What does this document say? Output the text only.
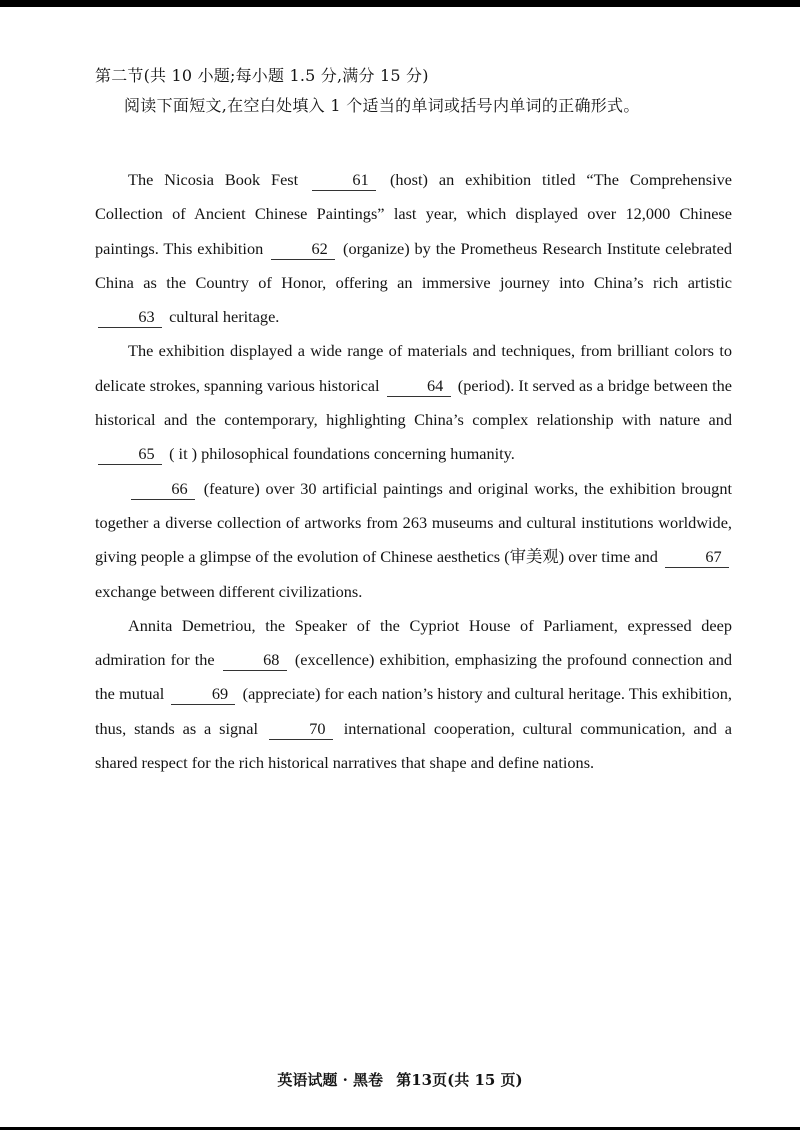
第二节(共 10 小题;每小题 1.5 分,满分 15 分)
阅读下面短文,在空白处填入 1 个适当的单词或括号内单词的正确形式。

The Nicosia Book Fest	61 (host) an exhibition titled “The Comprehensive Collection of Ancient Chinese Paintings” last year, which displayed over 12,000 Chinese paintings. This exhibition	62 (organize) by the Prometheus Research Institute celebrated China as the Country of Honor, offering an immersive journey into China’s rich artistic 63 cultural heritage.

The exhibition displayed a wide range of materials and techniques, from brilliant colors to delicate strokes, spanning various historical	64 (period). It served as a bridge between the historical and the contemporary, highlighting China’s complex relationship with nature and 65 ( it ) philosophical foundations concerning humanity.

66 (feature) over 30 artificial paintings and original works, the exhibition brougnt together a diverse collection of artworks from 263 museums and cultural institutions worldwide, giving people a glimpse of the evolution of Chinese aesthetics (审美观) over time and	67 exchange between different civilizations.

Annita Demetriou, the Speaker of the Cypriot House of Parliament, expressed deep admiration for the	68 (excellence) exhibition, emphasizing the profound connection and the mutual	69 (appreciate) for each nation’s history and cultural heritage. This exhibition, thus, stands as a signal	70 international cooperation, cultural communication, and a shared respect for the rich historical narratives that shape and define nations.

英语试题 · 黑卷 第13页(共 15 页)
